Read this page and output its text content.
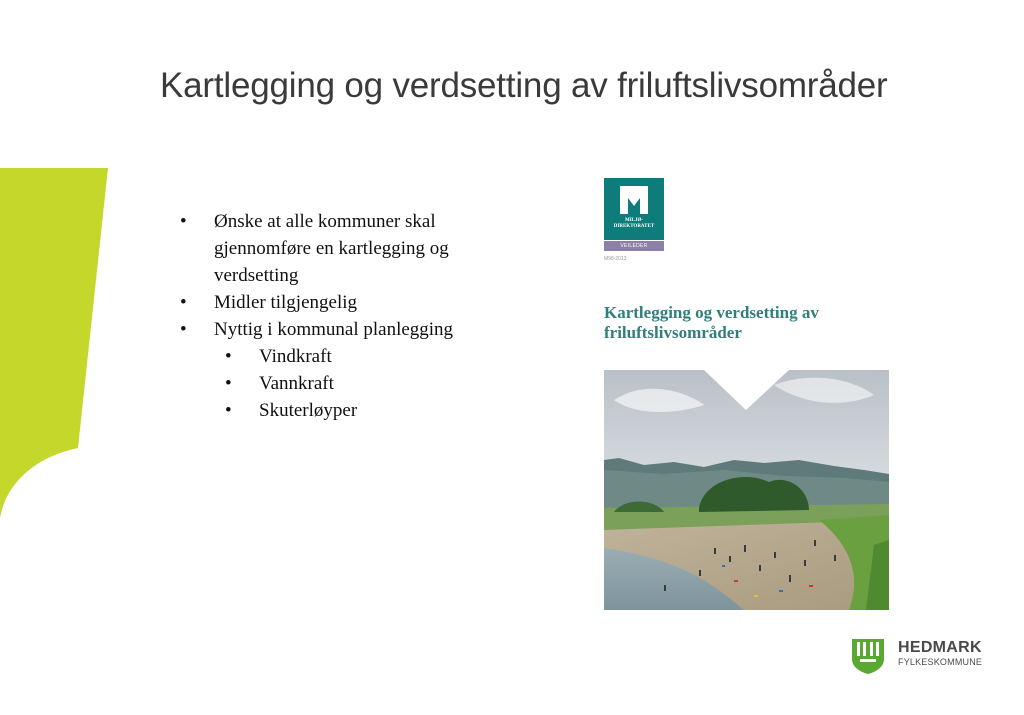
Kartlegging og verdsetting av friluftslivsområder
•	Ønske at alle kommuner skal gjennomføre en kartlegging og verdsetting
•	Midler tilgjengelig
•	Nyttig i kommunal planlegging
•	Vindkraft
•	Vannkraft
•	Skuterløyper
MILJØ-
DIREKTORATET
VEILEDER
M98-2013
Kartlegging og verdsetting av
friluftslivsområder
HEDMARK
FYLKESKOMMUNE
